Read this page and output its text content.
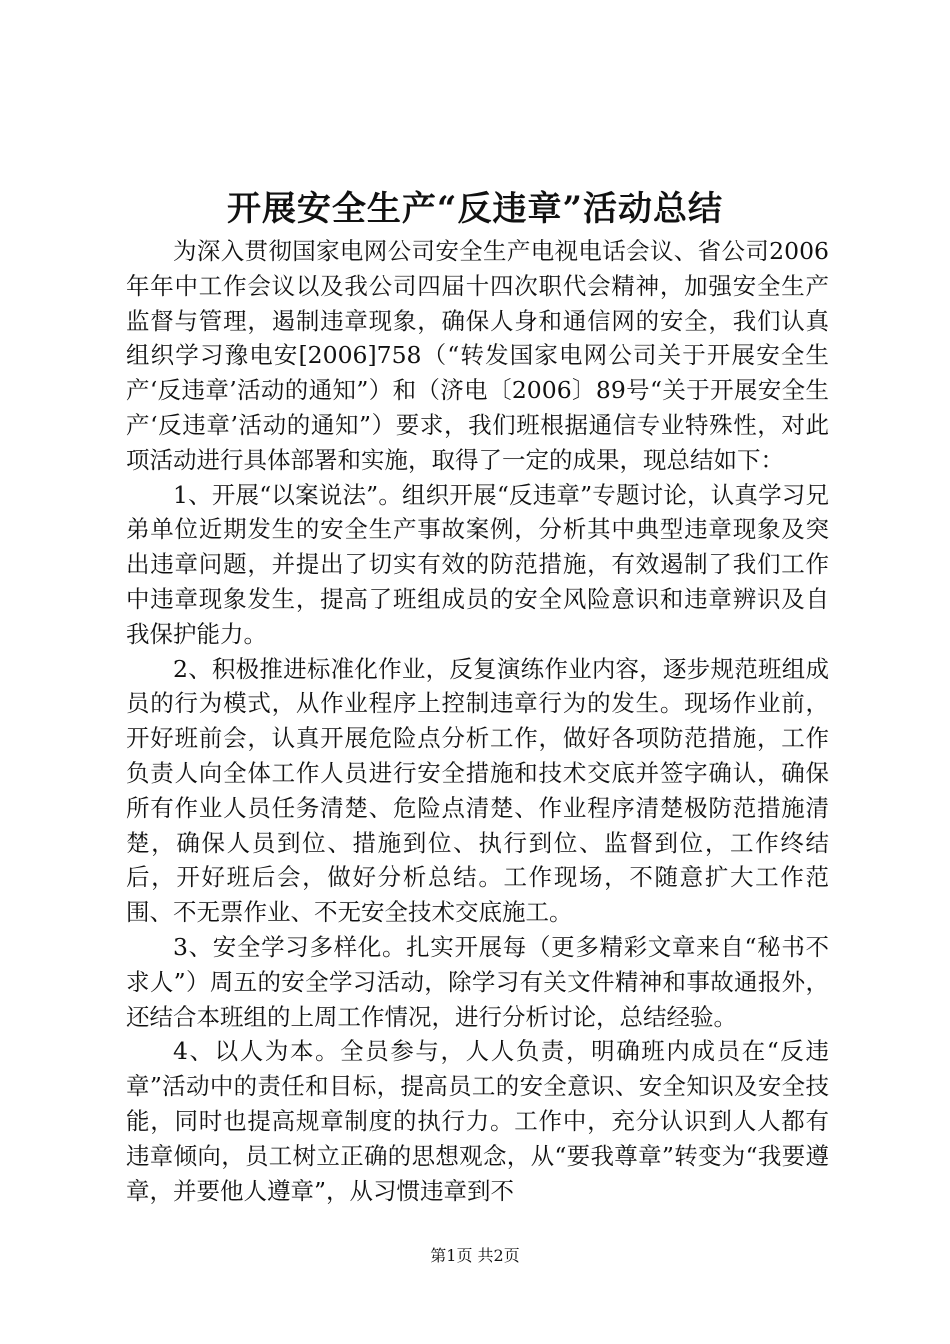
开展安全生产“反违章”活动总结

为深入贯彻国家电网公司安全生产电视电话会议、省公司2006年年中工作会议以及我公司四届十四次职代会精神，加强安全生产监督与管理，遏制违章现象，确保人身和通信网的安全，我们认真组织学习豫电安[2006]758（“转发国家电网公司关于开展安全生产‘反违章’活动的通知”）和（济电〔2006〕89号“关于开展安全生产‘反违章’活动的通知”）要求，我们班根据通信专业特殊性，对此项活动进行具体部署和实施，取得了一定的成果，现总结如下：

1、开展“以案说法”。组织开展“反违章”专题讨论，认真学习兄弟单位近期发生的安全生产事故案例，分析其中典型违章现象及突出违章问题，并提出了切实有效的防范措施，有效遏制了我们工作中违章现象发生，提高了班组成员的安全风险意识和违章辨识及自我保护能力。

2、积极推进标准化作业，反复演练作业内容，逐步规范班组成员的行为模式，从作业程序上控制违章行为的发生。现场作业前，开好班前会，认真开展危险点分析工作，做好各项防范措施，工作负责人向全体工作人员进行安全措施和技术交底并签字确认，确保所有作业人员任务清楚、危险点清楚、作业程序清楚极防范措施清楚，确保人员到位、措施到位、执行到位、监督到位，工作终结后，开好班后会，做好分析总结。工作现场，不随意扩大工作范围、不无票作业、不无安全技术交底施工。

3、安全学习多样化。扎实开展每（更多精彩文章来自“秘书不求人”）周五的安全学习活动，除学习有关文件精神和事故通报外，还结合本班组的上周工作情况，进行分析讨论，总结经验。

4、以人为本。全员参与，人人负责，明确班内成员在“反违章”活动中的责任和目标，提高员工的安全意识、安全知识及安全技能，同时也提高规章制度的执行力。工作中，充分认识到人人都有违章倾向，员工树立正确的思想观念，从“要我尊章”转变为“我要遵章，并要他人遵章”，从习惯违章到不

第1页 共2页
